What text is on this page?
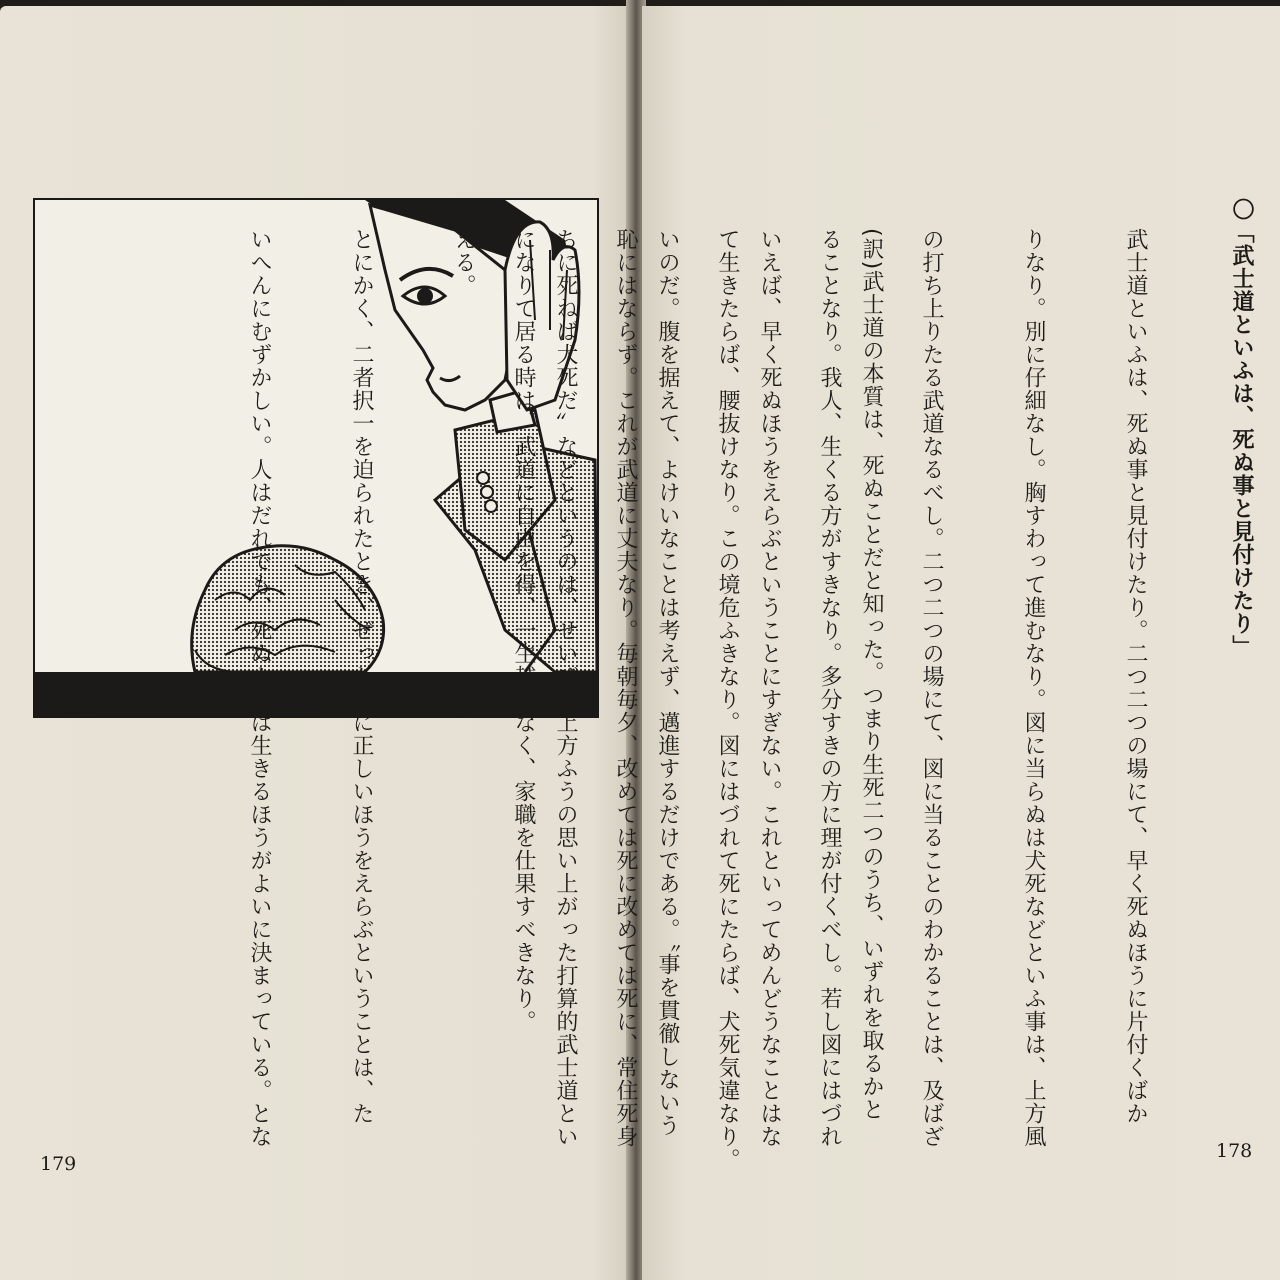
179
〇「武士道といふは、死ぬ事と見付けたり」

武士道といふは、死ぬ事と見付けたり。二つ二つの場にて、早く死ぬほうに片付くばか

りなり。別に仔細なし。胸すわって進むなり。図に当らぬは犬死などといふ事は、上方風

の打ち上りたる武道なるべし。二つ二つの場にて、図に当ることのわかることは、及ばざ

ることなり。我人、生くる方がすきなり。多分すきの方に理が付くべし。若し図にはづれ

て生きたらば、腰抜けなり。この境危ふきなり。図にはづれて死にたらば、犬死気違なり。

恥にはならず。これが武道に丈夫なり。毎朝毎夕、改めては死に改めては死に、常住死身

になりて居る時は、武道に自由を得、一生越度なく、家職を仕果すべきなり。

	(訳)武士道の本質は、死ぬことだと知った。つまり生死二つのうち、いずれを取るかと

いえば、早く死ぬほうをえらぶということにすぎない。これといってめんどうなことはな

いのだ。腹を据えて、よけいなことは考えず、邁進するだけである。〝事を貫徹しないう

ちに死ねば犬死だ〟などというのは、せいぜい上方ふうの思い上がった打算的武士道とい

える。

とにかく、二者択一を迫られたとき、ぜったいに正しいほうをえらぶということは、た

いへんにむずかしい。人はだれでも、死ぬよりは生きるほうがよいに決まっている。とな

178
